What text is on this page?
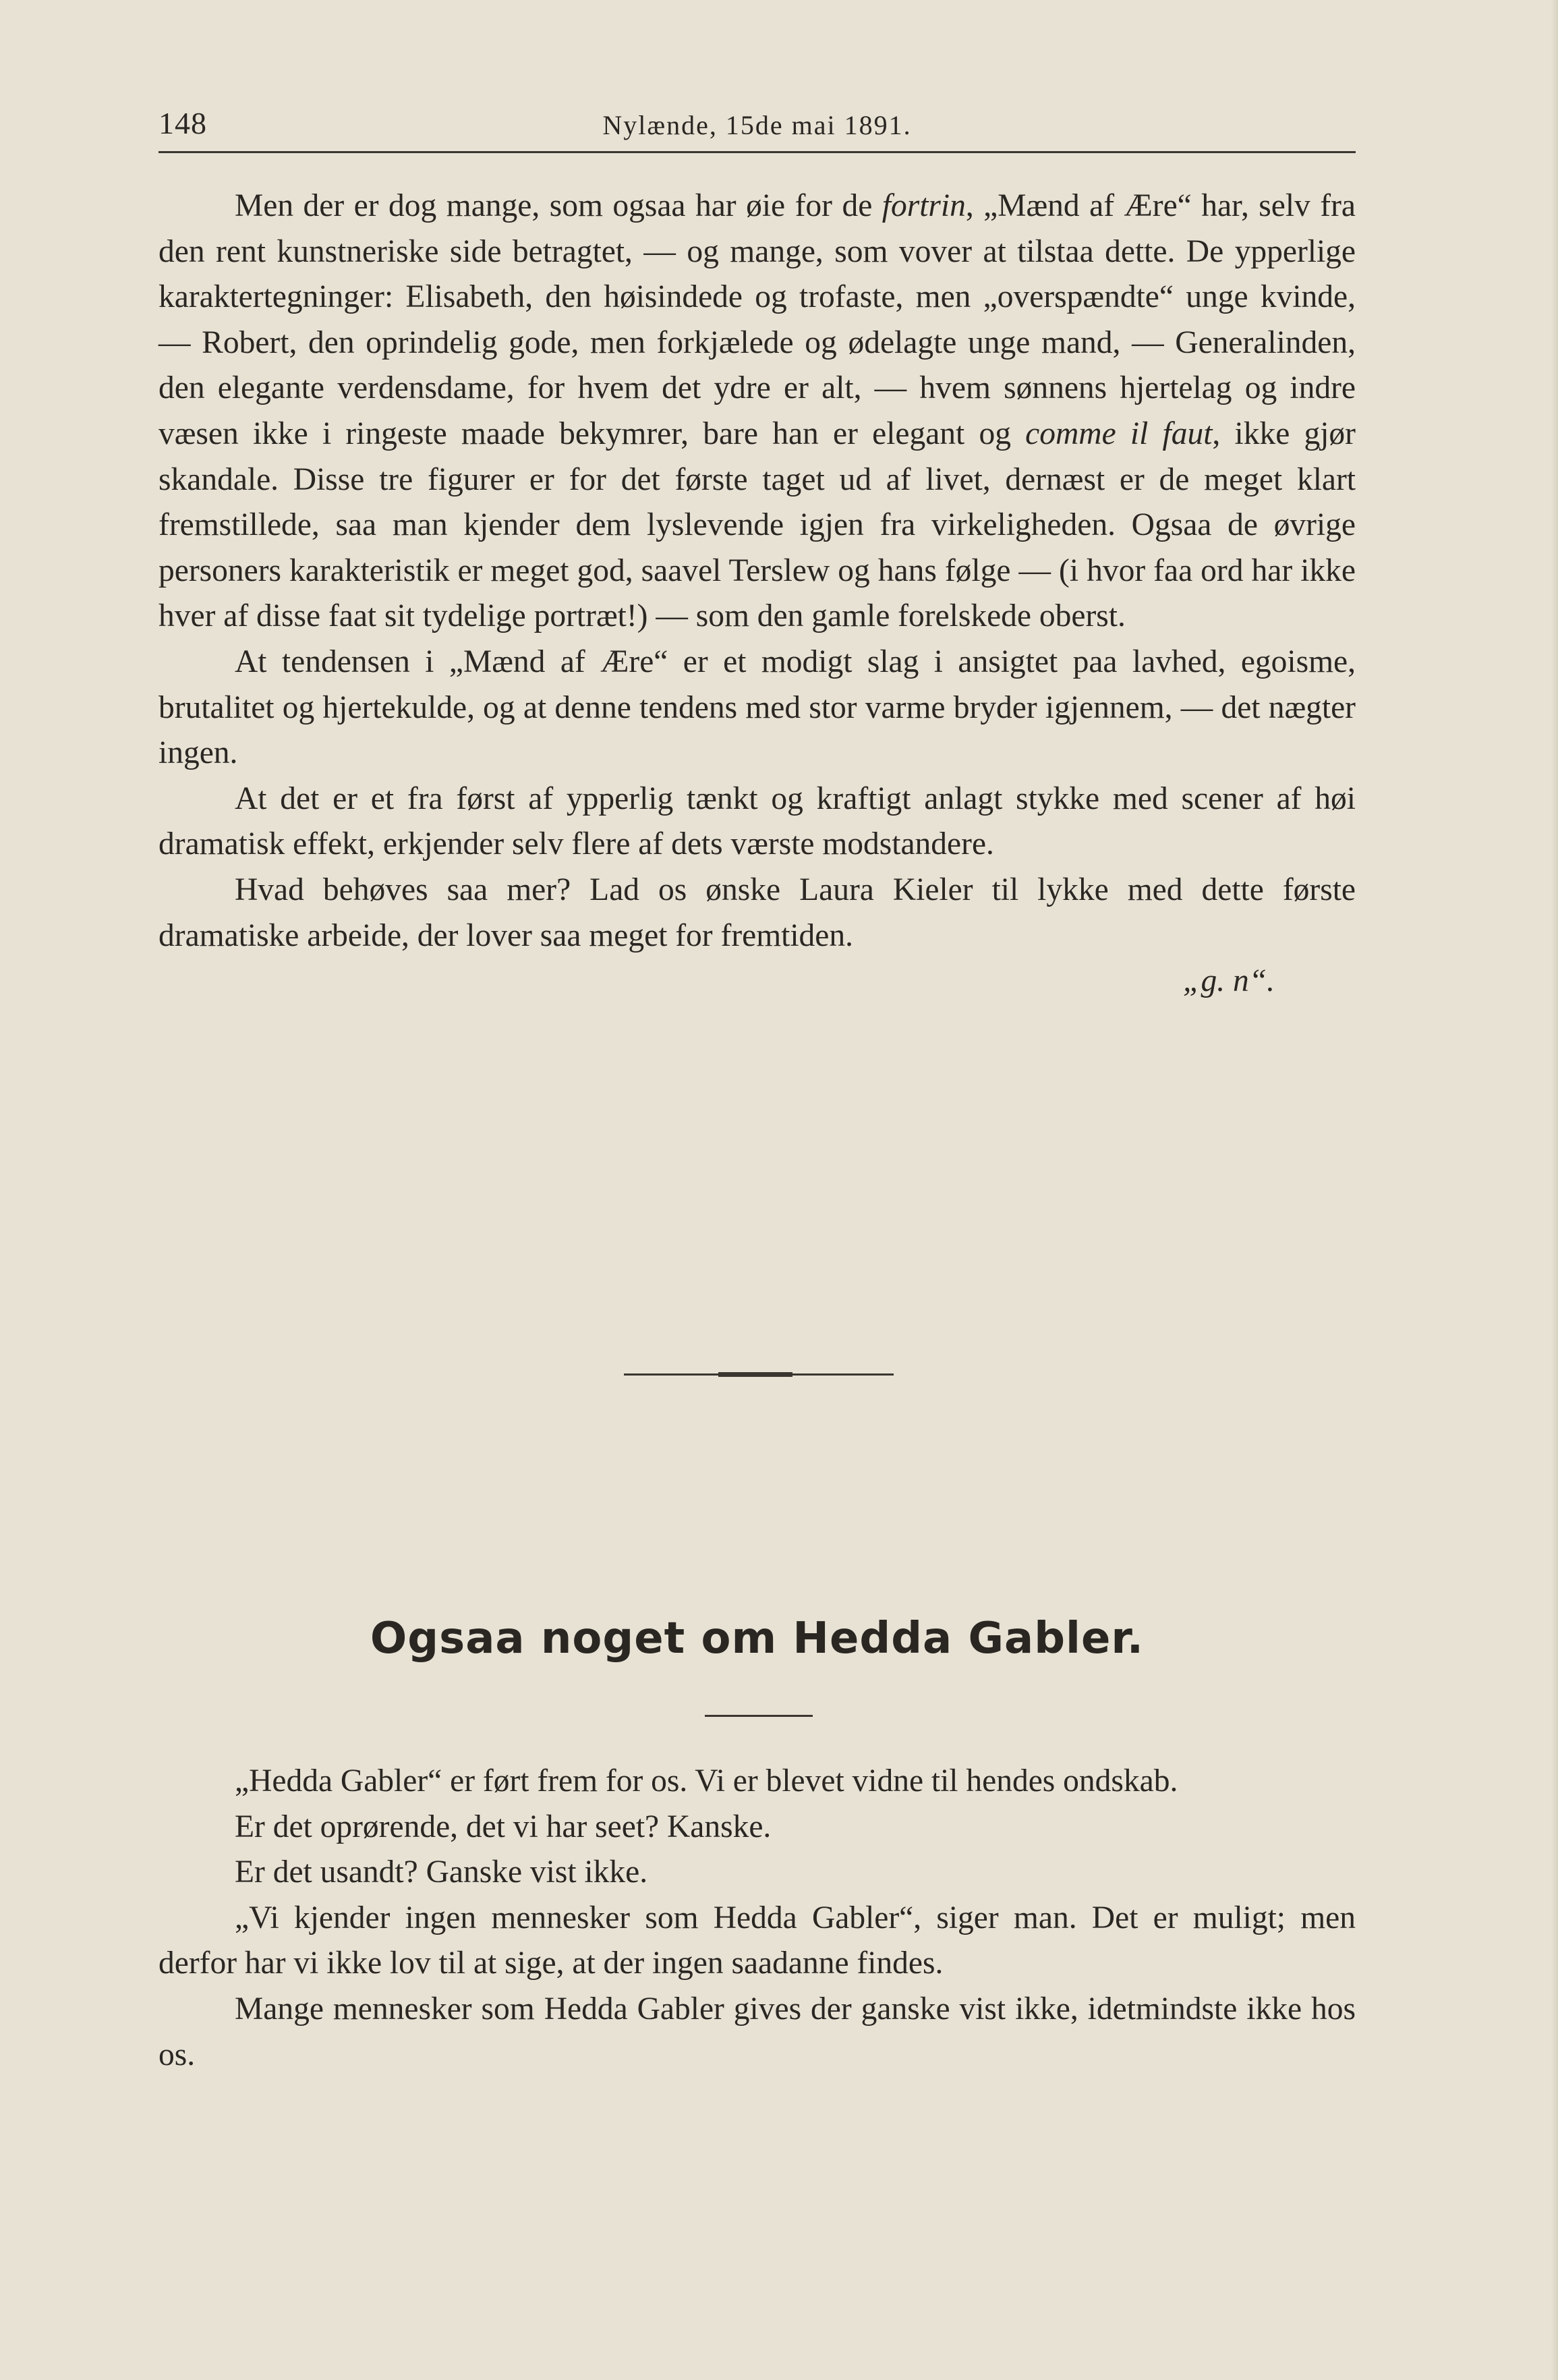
148	Nylænde, 15de mai 1891.

Men der er dog mange, som ogsaa har øie for de fortrin, „Mænd af Ære“ har, selv fra den rent kunstneriske side betragtet, — og mange, som vover at tilstaa dette. De ypperlige karaktertegninger: Elisabeth, den høisindede og trofaste, men „overspændte“ unge kvinde, — Robert, den oprindelig gode, men forkjælede og ødelagte unge mand, — Generalinden, den elegante verdensdame, for hvem det ydre er alt, — hvem sønnens hjertelag og indre væsen ikke i ringeste maade bekymrer, bare han er elegant og comme il faut, ikke gjør skandale. Disse tre figurer er for det første taget ud af livet, dernæst er de meget klart fremstillede, saa man kjender dem lyslevende igjen fra virkeligheden. Ogsaa de øvrige personers karakteristik er meget god, saavel Terslew og hans følge — (i hvor faa ord har ikke hver af disse faat sit tydelige portræt!) — som den gamle forelskede oberst.

At tendensen i „Mænd af Ære“ er et modigt slag i ansigtet paa lavhed, egoisme, brutalitet og hjertekulde, og at denne tendens med stor varme bryder igjennem, — det nægter ingen.

At det er et fra først af ypperlig tænkt og kraftigt anlagt stykke med scener af høi dramatisk effekt, erkjender selv flere af dets værste modstandere.

Hvad behøves saa mer? Lad os ønske Laura Kieler til lykke med dette første dramatiske arbeide, der lover saa meget for fremtiden.

„g. n“.

Ogsaa noget om Hedda Gabler.

„Hedda Gabler“ er ført frem for os. Vi er blevet vidne til hendes ondskab.

Er det oprørende, det vi har seet? Kanske.

Er det usandt? Ganske vist ikke.

„Vi kjender ingen mennesker som Hedda Gabler“, siger man. Det er muligt; men derfor har vi ikke lov til at sige, at der ingen saadanne findes.

Mange mennesker som Hedda Gabler gives der ganske vist ikke, idetmindste ikke hos os.
